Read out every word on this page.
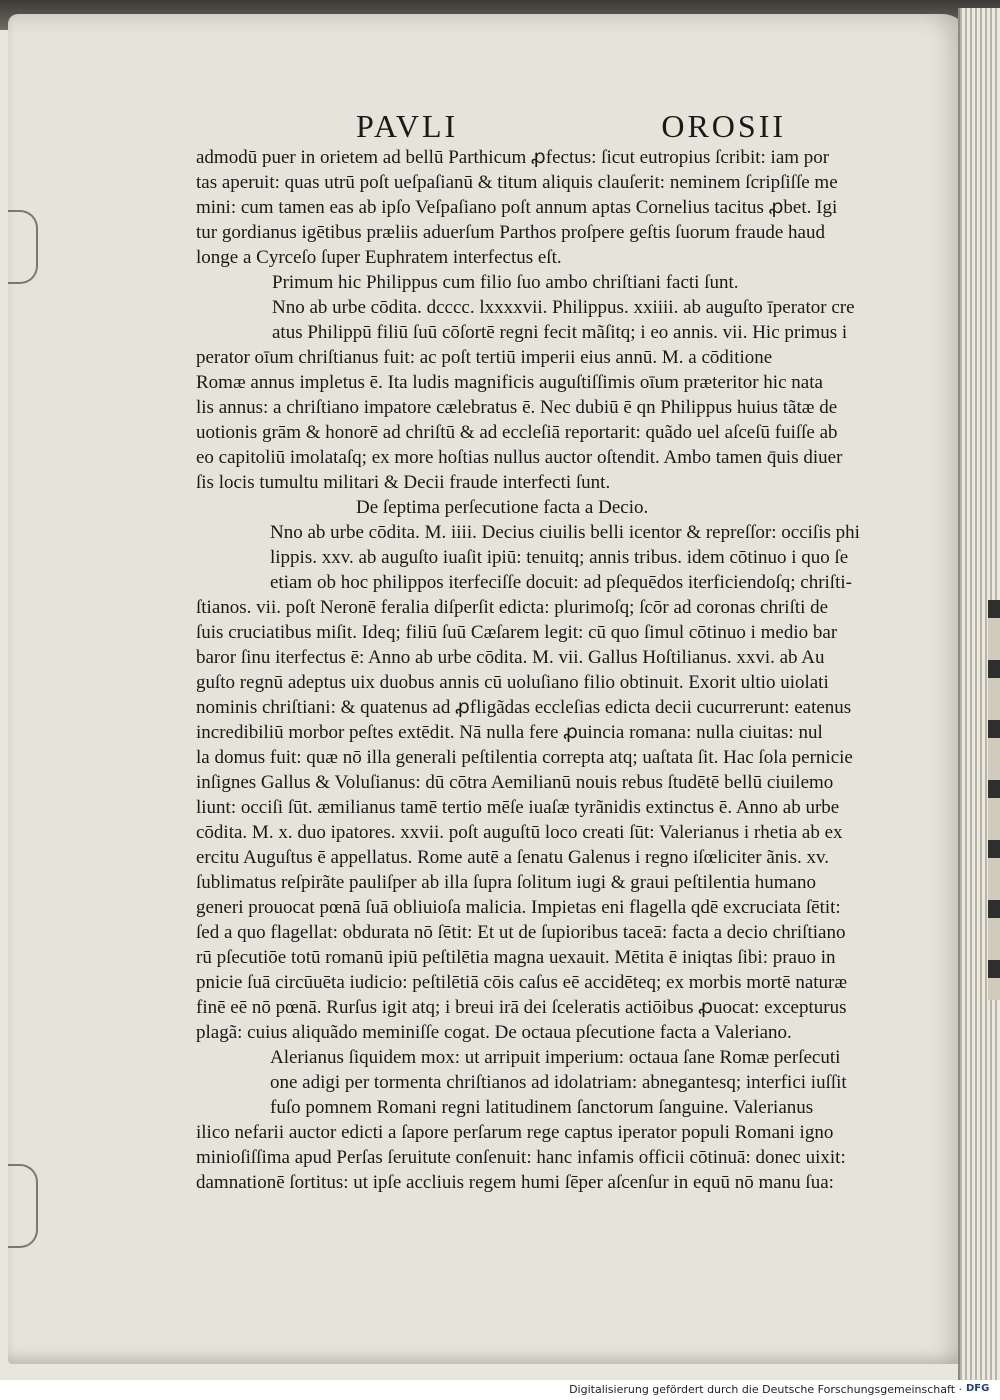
PAVLI	OROSII
admodū puer in orietem ad bellū Parthicum ꝓfectus: ſicut eutropius ſcribit: iam por
tas aperuit: quas utrū poſt ueſpaſianū & titum aliquis clauſerit: neminem ſcripſiſſe me
mini: cum tamen eas ab ipſo Veſpaſiano poſt annum aptas Cornelius tacitus ꝓbet. Igi
tur gordianus igētibus præliis aduerſum Parthos proſpere geſtis ſuorum fraude haud
longe a Cyrceſo ſuper Euphratem interfectus eſt.
Primum hic Philippus cum filio ſuo ambo chriſtiani facti ſunt.
Nno ab urbe cōdita. dcccc. lxxxxvii. Philippus. xxiiii. ab auguſto īperator cre
atus Philippū filiū ſuū cōſortē regni fecit mãſitq; i eo annis. vii. Hic primus i
perator oīum chriſtianus fuit: ac poſt tertiū imperii eius annū. M. a cōditione
Romæ annus impletus ē. Ita ludis magnificis auguſtiſſimis oīum præteritor hic nata
lis annus: a chriſtiano impatore cælebratus ē. Nec dubiū ē qn Philippus huius tãtæ de
uotionis grām & honorē ad chriſtū & ad eccleſiā reportarit: quãdo uel aſceſū fuiſſe ab
eo capitoliū imolataſq; ex more hoſtias nullus auctor oſtendit. Ambo tamen q̄uis diuer
ſis locis tumultu militari & Decii fraude interfecti ſunt.
De ſeptima perſecutione facta a Decio.
Nno ab urbe cōdita. M. iiii. Decius ciuilis belli icentor & repreſſor: occiſis phi
lippis. xxv. ab auguſto iuaſit ipiū: tenuitq; annis tribus. idem cōtinuo i quo ſe
etiam ob hoc philippos iterfeciſſe docuit: ad pſequēdos iterficiendoſq; chriſti-
ſtianos. vii. poſt Neronē feralia diſperſit edicta: plurimoſq; ſcōr ad coronas chriſti de
ſuis cruciatibus miſit. Ideq; filiū ſuū Cæſarem legit: cū quo ſimul cōtinuo i medio bar
baror ſinu iterfectus ē: Anno ab urbe cōdita. M. vii. Gallus Hoſtilianus. xxvi. ab Au
guſto regnū adeptus uix duobus annis cū uoluſiano filio obtinuit. Exorit ultio uiolati
nominis chriſtiani: & quatenus ad ꝓfligãdas eccleſias edicta decii cucurrerunt: eatenus
incredibiliū morbor peſtes extēdit. Nā nulla fere ꝓuincia romana: nulla ciuitas: nul
la domus fuit: quæ nō illa generali peſtilentia correpta atq; uaſtata ſit. Hac ſola pernicie
inſignes Gallus & Voluſianus: dū cōtra Aemilianū nouis rebus ſtudētē bellū ciuilemo
liunt: occiſi ſūt. æmilianus tamē tertio mēſe iuaſæ tyrãnidis extinctus ē. Anno ab urbe
cōdita. M. x. duo ipatores. xxvii. poſt auguſtū loco creati ſūt: Valerianus i rhetia ab ex
ercitu Auguſtus ē appellatus. Rome autē a ſenatu Galenus i regno iſœliciter ãnis. xv.
ſublimatus reſpirãte pauliſper ab illa ſupra ſolitum iugi & graui peſtilentia humano
generi prouocat pœnā ſuā obliuioſa malicia. Impietas eni flagella qdē excruciata ſētit:
ſed a quo flagellat: obdurata nō ſētit: Et ut de ſupioribus taceā: facta a decio chriſtiano
rū pſecutiōe totū romanū ipiū peſtilētia magna uexauit. Mētita ē iniqtas ſibi: prauo in
pnicie ſuā circūuēta iudicio: peſtilētiā cōis caſus eē accidēteq; ex morbis mortē naturæ
finē eē nō pœnā. Rurſus igit atq; i breui irā dei ſceleratis actiōibus ꝓuocat: excepturus
plagã: cuius aliquãdo meminiſſe cogat. De octaua pſecutione facta a Valeriano.
Alerianus ſiquidem mox: ut arripuit imperium: octaua ſane Romæ perſecuti
one adigi per tormenta chriſtianos ad idolatriam: abnegantesq; interfici iuſſit
fuſo pomnem Romani regni latitudinem ſanctorum ſanguine. Valerianus
ilico nefarii auctor edicti a ſapore perſarum rege captus iperator populi Romani igno
minioſiſſima apud Perſas ſeruitute conſenuit: hanc infamis officii cōtinuā: donec uixit:
damnationē ſortitus: ut ipſe accliuis regem humi ſēper aſcenſur in equū nō manu ſua:
Digitalisierung gefördert durch die Deutsche Forschungsgemeinschaft · DFG
